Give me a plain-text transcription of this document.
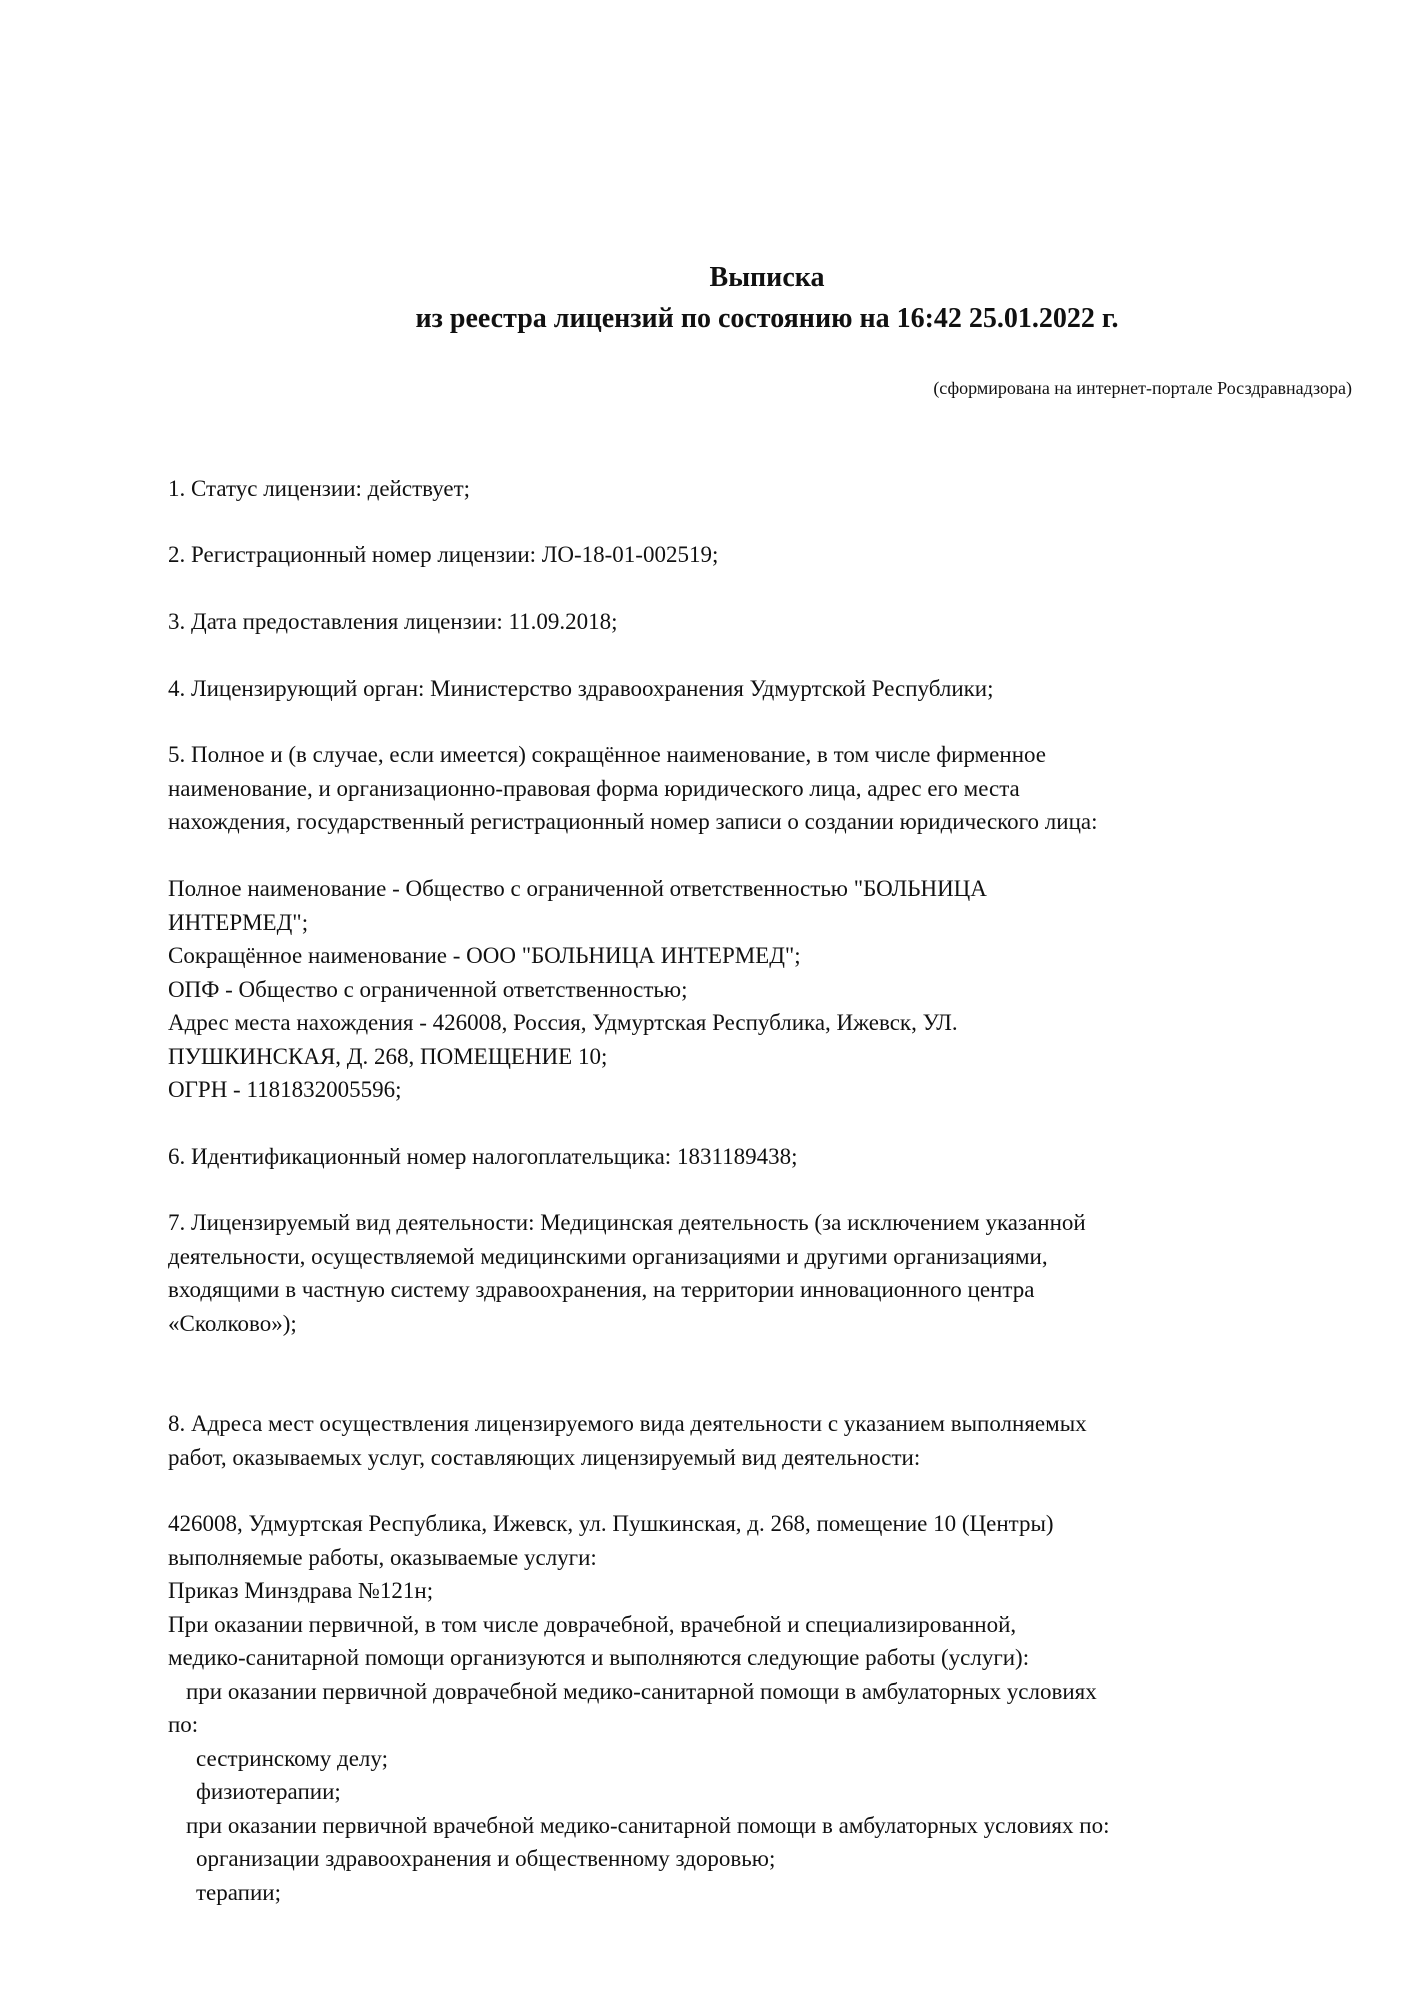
Выписка
из реестра лицензий по состоянию на 16:42 25.01.2022 г.
(сформирована на интернет-портале Росздравнадзора)
1. Статус лицензии: действует;
2. Регистрационный номер лицензии: ЛО-18-01-002519;
3. Дата предоставления лицензии: 11.09.2018;
4. Лицензирующий орган: Министерство здравоохранения Удмуртской Республики;
5. Полное и (в случае, если имеется) сокращённое наименование, в том числе фирменное
наименование, и организационно-правовая форма юридического лица, адрес его места
нахождения, государственный регистрационный номер записи о создании юридического лица:
Полное наименование - Общество с ограниченной ответственностью "БОЛЬНИЦА
ИНТЕРМЕД";
Сокращённое наименование - ООО "БОЛЬНИЦА ИНТЕРМЕД";
ОПФ - Общество с ограниченной ответственностью;
Адрес места нахождения - 426008, Россия, Удмуртская Республика, Ижевск, УЛ.
ПУШКИНСКАЯ, Д. 268, ПОМЕЩЕНИЕ 10;
ОГРН - 1181832005596;
6. Идентификационный номер налогоплательщика: 1831189438;
7. Лицензируемый вид деятельности: Медицинская деятельность (за исключением указанной
деятельности, осуществляемой медицинскими организациями и другими организациями,
входящими в частную систему здравоохранения, на территории инновационного центра
«Сколково»);
8. Адреса мест осуществления лицензируемого вида деятельности с указанием выполняемых
работ, оказываемых услуг, составляющих лицензируемый вид деятельности:
426008, Удмуртская Республика, Ижевск, ул. Пушкинская, д. 268, помещение 10 (Центры)
выполняемые работы, оказываемые услуги:
Приказ Минздрава №121н;
При оказании первичной, в том числе доврачебной, врачебной и специализированной,
медико-санитарной помощи организуются и выполняются следующие работы (услуги):
при оказании первичной доврачебной медико-санитарной помощи в амбулаторных условиях
по:
сестринскому делу;
физиотерапии;
при оказании первичной врачебной медико-санитарной помощи в амбулаторных условиях по:
организации здравоохранения и общественному здоровью;
терапии;
